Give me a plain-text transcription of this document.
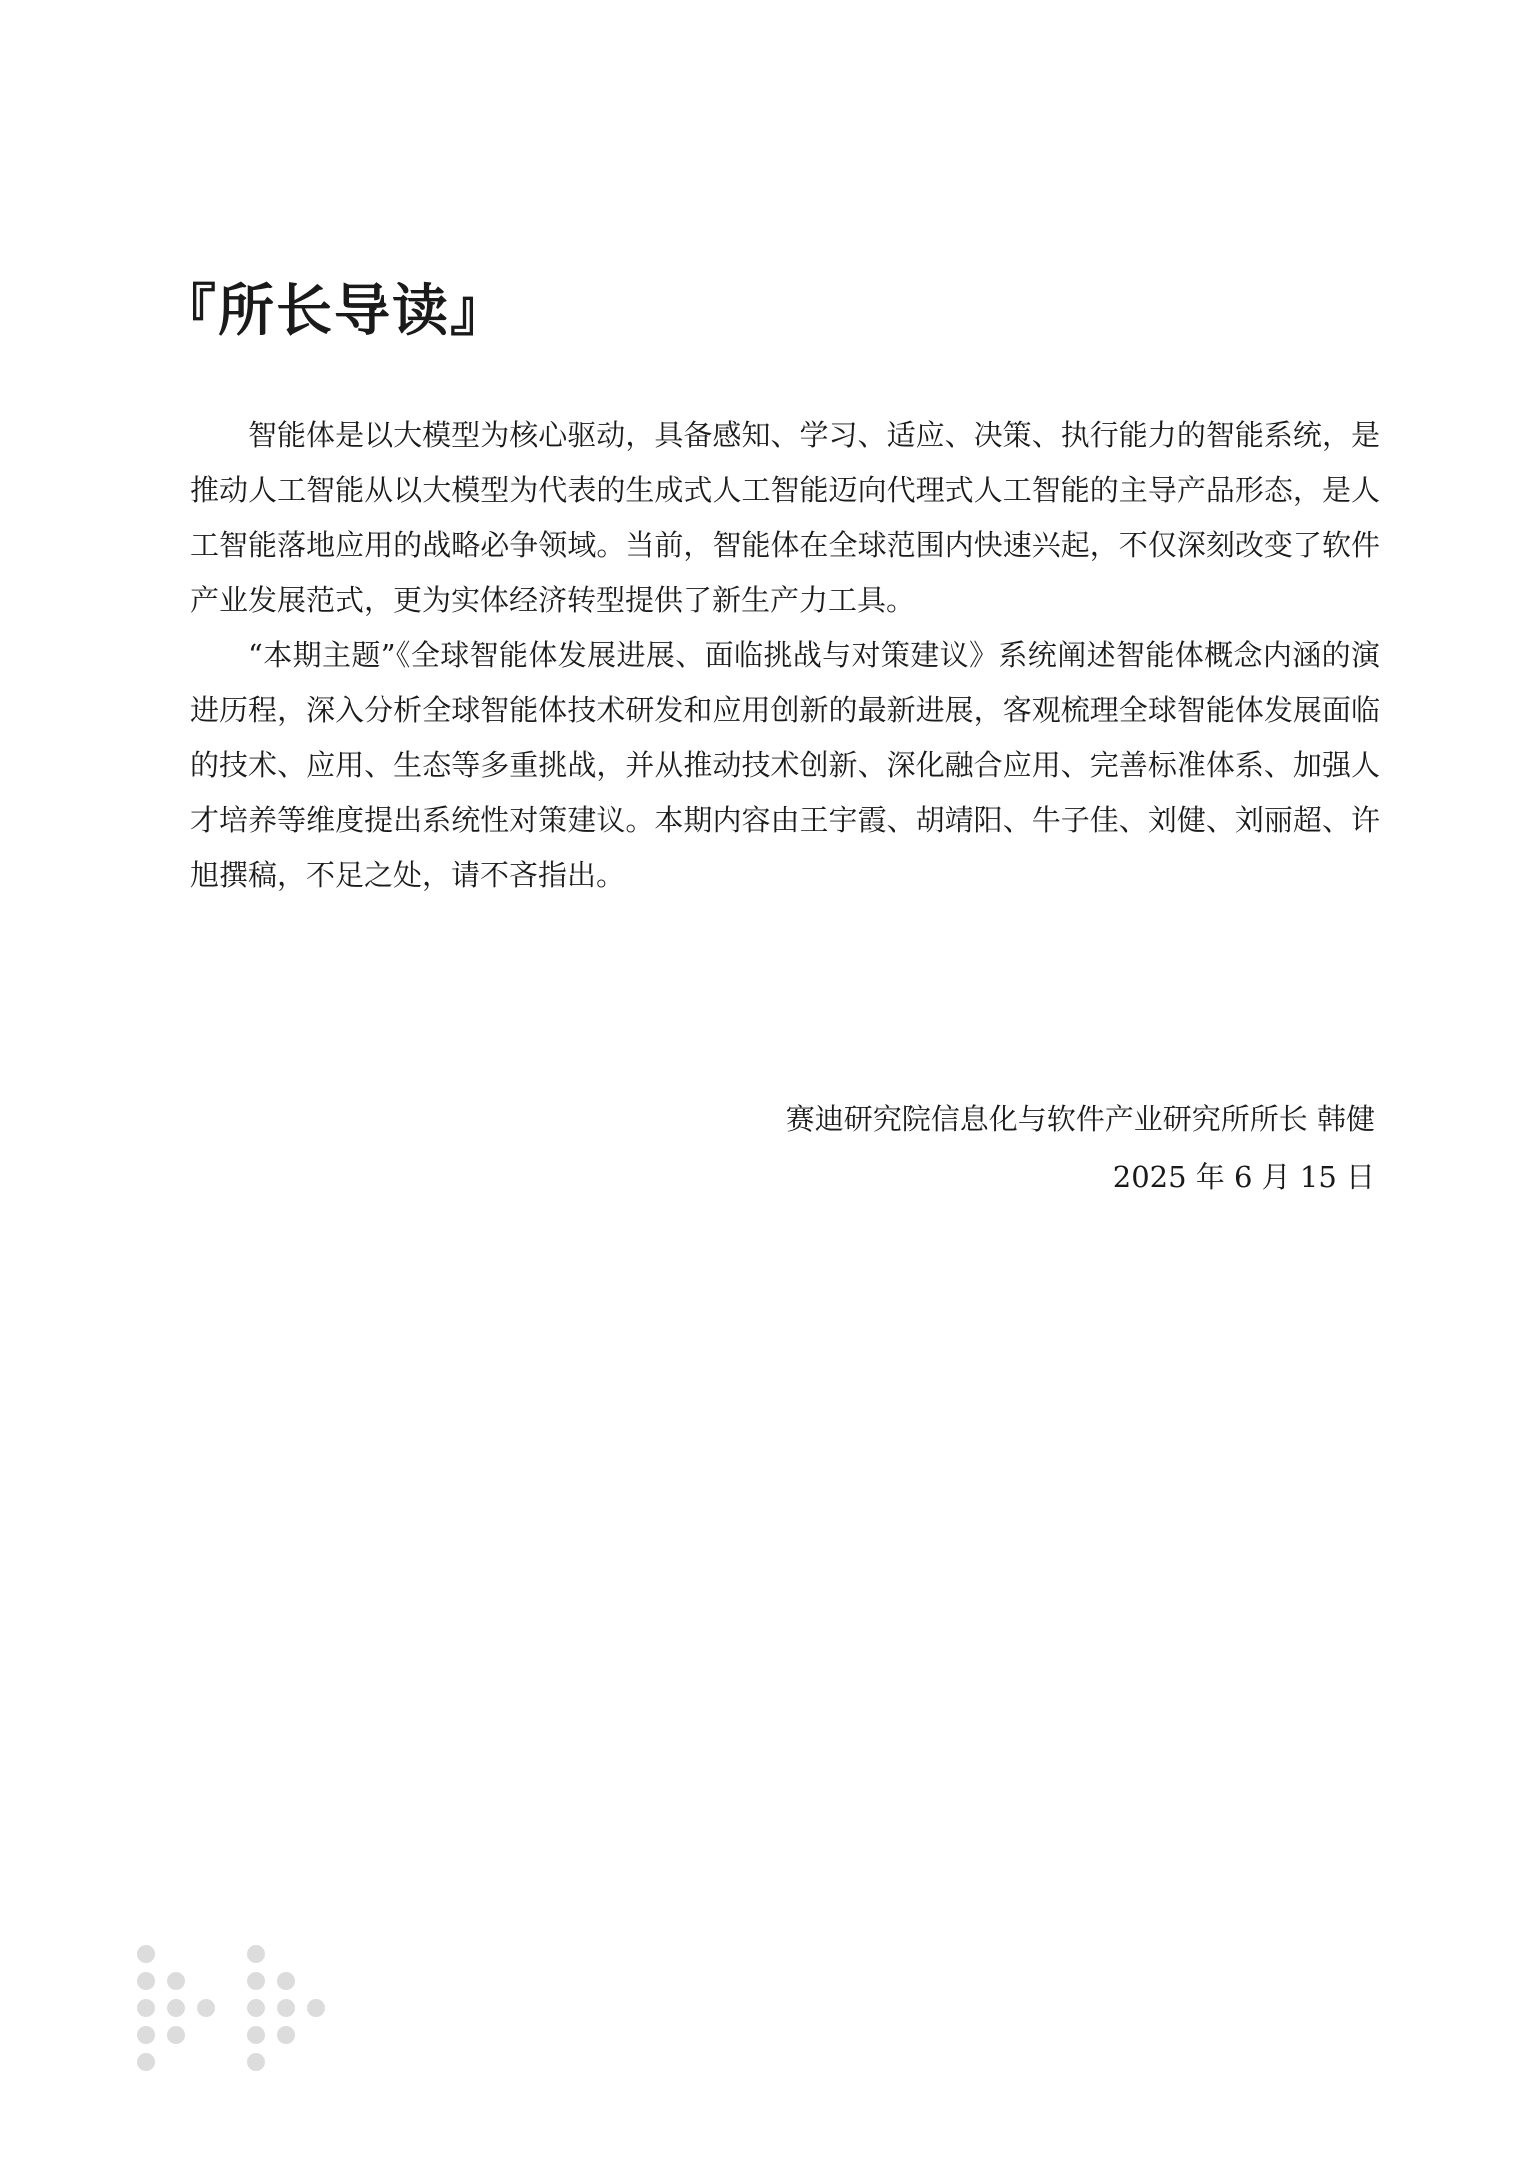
『所长导读』

智能体是以大模型为核心驱动，具备感知、学习、适应、决策、执行能力的智能系统，是推动人工智能从以大模型为代表的生成式人工智能迈向代理式人工智能的主导产品形态，是人工智能落地应用的战略必争领域。当前，智能体在全球范围内快速兴起，不仅深刻改变了软件产业发展范式，更为实体经济转型提供了新生产力工具。

“本期主题”《全球智能体发展进展、面临挑战与对策建议》系统阐述智能体概念内涵的演进历程，深入分析全球智能体技术研发和应用创新的最新进展，客观梳理全球智能体发展面临的技术、应用、生态等多重挑战，并从推动技术创新、深化融合应用、完善标准体系、加强人才培养等维度提出系统性对策建议。本期内容由王宇霞、胡靖阳、牛子佳、刘健、刘丽超、许旭撰稿，不足之处，请不吝指出。

赛迪研究院信息化与软件产业研究所所长 韩健
2025 年 6 月 15 日
